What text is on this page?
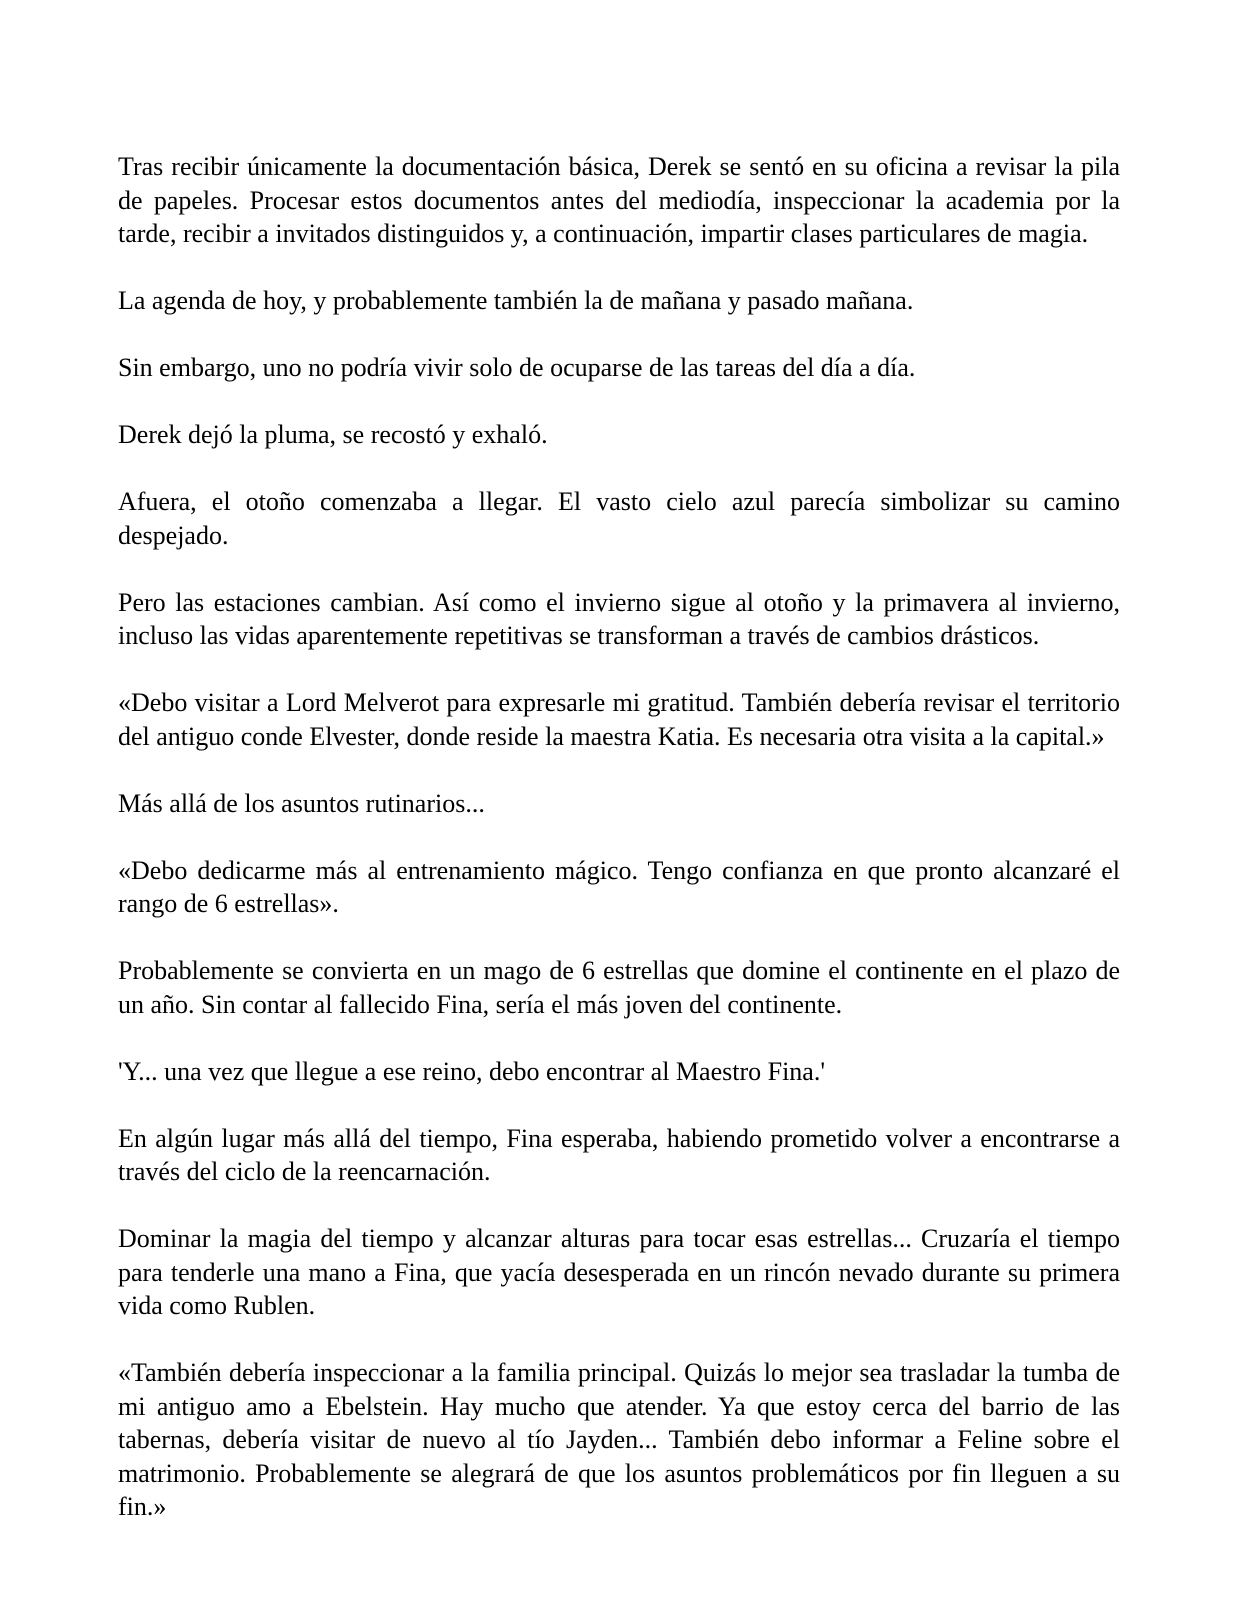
Tras recibir únicamente la documentación básica, Derek se sentó en su oficina a revisar la pila de papeles. Procesar estos documentos antes del mediodía, inspeccionar la academia por la tarde, recibir a invitados distinguidos y, a continuación, impartir clases particulares de magia.

La agenda de hoy, y probablemente también la de mañana y pasado mañana.

Sin embargo, uno no podría vivir solo de ocuparse de las tareas del día a día.

Derek dejó la pluma, se recostó y exhaló.

Afuera, el otoño comenzaba a llegar. El vasto cielo azul parecía simbolizar su camino despejado.

Pero las estaciones cambian. Así como el invierno sigue al otoño y la primavera al invierno, incluso las vidas aparentemente repetitivas se transforman a través de cambios drásticos.

«Debo visitar a Lord Melverot para expresarle mi gratitud. También debería revisar el territorio del antiguo conde Elvester, donde reside la maestra Katia. Es necesaria otra visita a la capital.»

Más allá de los asuntos rutinarios...

«Debo dedicarme más al entrenamiento mágico. Tengo confianza en que pronto alcanzaré el rango de 6 estrellas».

Probablemente se convierta en un mago de 6 estrellas que domine el continente en el plazo de un año. Sin contar al fallecido Fina, sería el más joven del continente.

'Y... una vez que llegue a ese reino, debo encontrar al Maestro Fina.'

En algún lugar más allá del tiempo, Fina esperaba, habiendo prometido volver a encontrarse a través del ciclo de la reencarnación.

Dominar la magia del tiempo y alcanzar alturas para tocar esas estrellas... Cruzaría el tiempo para tenderle una mano a Fina, que yacía desesperada en un rincón nevado durante su primera vida como Rublen.

«También debería inspeccionar a la familia principal. Quizás lo mejor sea trasladar la tumba de mi antiguo amo a Ebelstein. Hay mucho que atender. Ya que estoy cerca del barrio de las tabernas, debería visitar de nuevo al tío Jayden... También debo informar a Feline sobre el matrimonio. Probablemente se alegrará de que los asuntos problemáticos por fin lleguen a su fin.»
